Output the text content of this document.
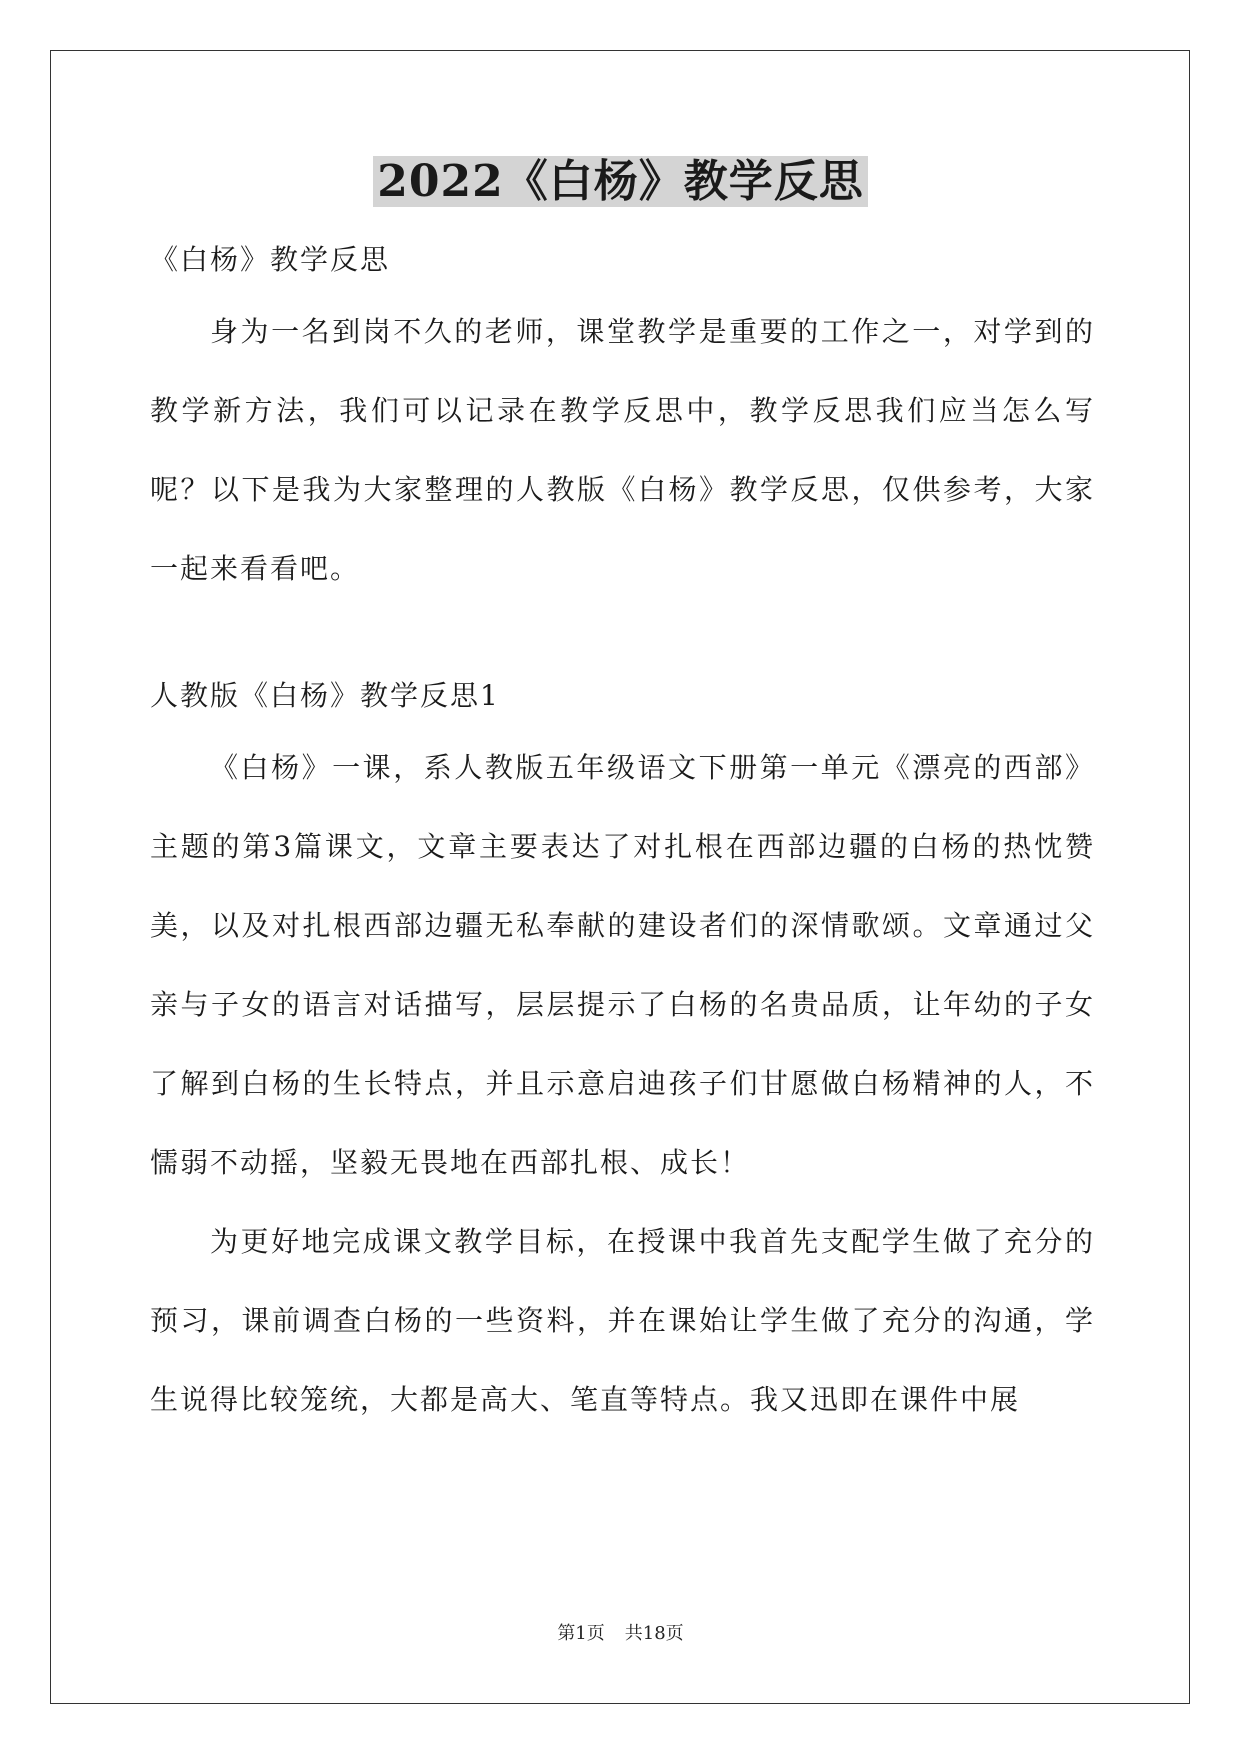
2022《白杨》教学反思
《白杨》教学反思

身为一名到岗不久的老师，课堂教学是重要的工作之一，对学到的教学新方法，我们可以记录在教学反思中，教学反思我们应当怎么写呢？以下是我为大家整理的人教版《白杨》教学反思，仅供参考，大家一起来看看吧。

人教版《白杨》教学反思1

《白杨》一课，系人教版五年级语文下册第一单元《漂亮的西部》主题的第3篇课文，文章主要表达了对扎根在西部边疆的白杨的热忱赞美，以及对扎根西部边疆无私奉献的建设者们的深情歌颂。文章通过父亲与子女的语言对话描写，层层提示了白杨的名贵品质，让年幼的子女了解到白杨的生长特点，并且示意启迪孩子们甘愿做白杨精神的人，不懦弱不动摇，坚毅无畏地在西部扎根、成长！

为更好地完成课文教学目标，在授课中我首先支配学生做了充分的预习，课前调查白杨的一些资料，并在课始让学生做了充分的沟通，学生说得比较笼统，大都是高大、笔直等特点。我又迅即在课件中展

第1页 共18页
